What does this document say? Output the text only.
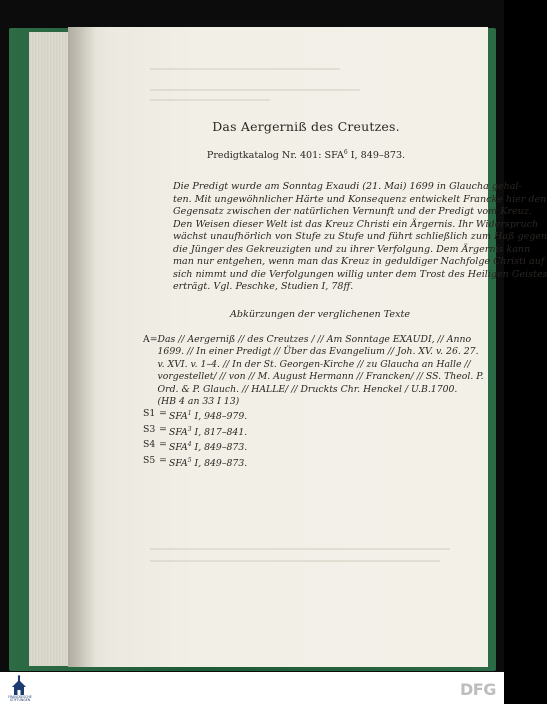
Das Aergerniß des Creutzes.
Predigtkatalog Nr. 401: SFA$^6$ I, 849–873.
Die Predigt wurde am Sonntag Exaudi (21. Mai) 1699 in Glaucha gehal-
ten. Mit ungewöhnlicher Härte und Konsequenz entwickelt Francke hier den
Gegensatz zwischen der natürlichen Vernunft und der Predigt vom Kreuz.
Den Weisen dieser Welt ist das Kreuz Christi ein Ärgernis. Ihr Widerspruch
wächst unaufhörlich von Stufe zu Stufe und führt schließlich zum Haß gegen
die Jünger des Gekreuzigten und zu ihrer Verfolgung. Dem Ärgernis kann
man nur entgehen, wenn man das Kreuz in geduldiger Nachfolge Christi auf
sich nimmt und die Verfolgungen willig unter dem Trost des Heiligen Geistes
erträgt. Vgl. Peschke, Studien I, 78ff.
Abkürzungen der verglichenen Texte
A = Das // Aergerniß // des Creutzes / // Am Sonntage EXAUDI, // Anno
1699. // In einer Predigt // Über das Evangelium // Joh. XV. v. 26. 27.
v. XVI. v. 1–4. // In der St. Georgen-Kirche // zu Glaucha an Halle //
vorgestellet/ // von // M. August Hermann // Francken/ // SS. Theol. P.
Ord. & P. Glauch. // HALLE/ // Druckts Chr. Henckel / U.B.1700.
(HB 4 an 33 I 13)
$S1 = SFA^1$ I, 948–979.
$S3 = SFA^3$ I, 817–841.
$S4 = SFA^4$ I, 849–873.
$S5 = SFA^5$ I, 849–873.
FRANCKESCHE
STIFTUNGEN
DFG
